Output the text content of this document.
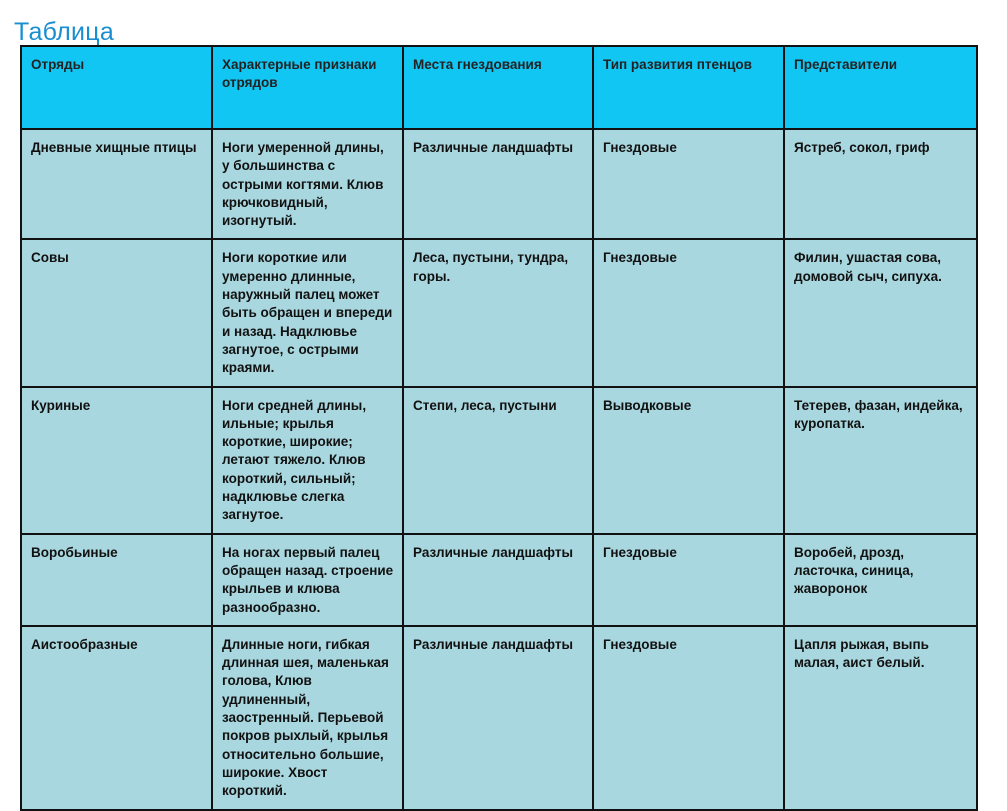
Таблица
Отряды	Характерные признаки отрядов	Места гнездования	Тип развития птенцов	Представители
Дневные хищные птицы	Ноги умеренной длины, у большинства с острыми когтями. Клюв крючковидный, изогнутый.	Различные ландшафты	Гнездовые	Ястреб, сокол, гриф
Совы	Ноги короткие или умеренно длинные, наружный палец может быть обращен и впереди и назад. Надклювье загнутое, с острыми краями.	Леса, пустыни, тундра, горы.	Гнездовые	Филин, ушастая сова, домовой сыч, сипуха.
Куриные	Ноги средней длины, ильные; крылья короткие, широкие; летают тяжело. Клюв короткий, сильный; надклювье слегка загнутое.	Степи, леса, пустыни	Выводковые	Тетерев, фазан, индейка, куропатка.
Воробьиные	На ногах первый палец обращен назад. строение крыльев и клюва разнообразно.	Различные ландшафты	Гнездовые	Воробей, дрозд, ласточка, синица, жаворонок
Аистообразные	Длинные ноги, гибкая длинная шея, маленькая голова, Клюв удлиненный, заостренный. Перьевой покров рыхлый, крылья относительно большие, широкие. Хвост короткий.	Различные ландшафты	Гнездовые	Цапля рыжая, выпь малая, аист белый.
